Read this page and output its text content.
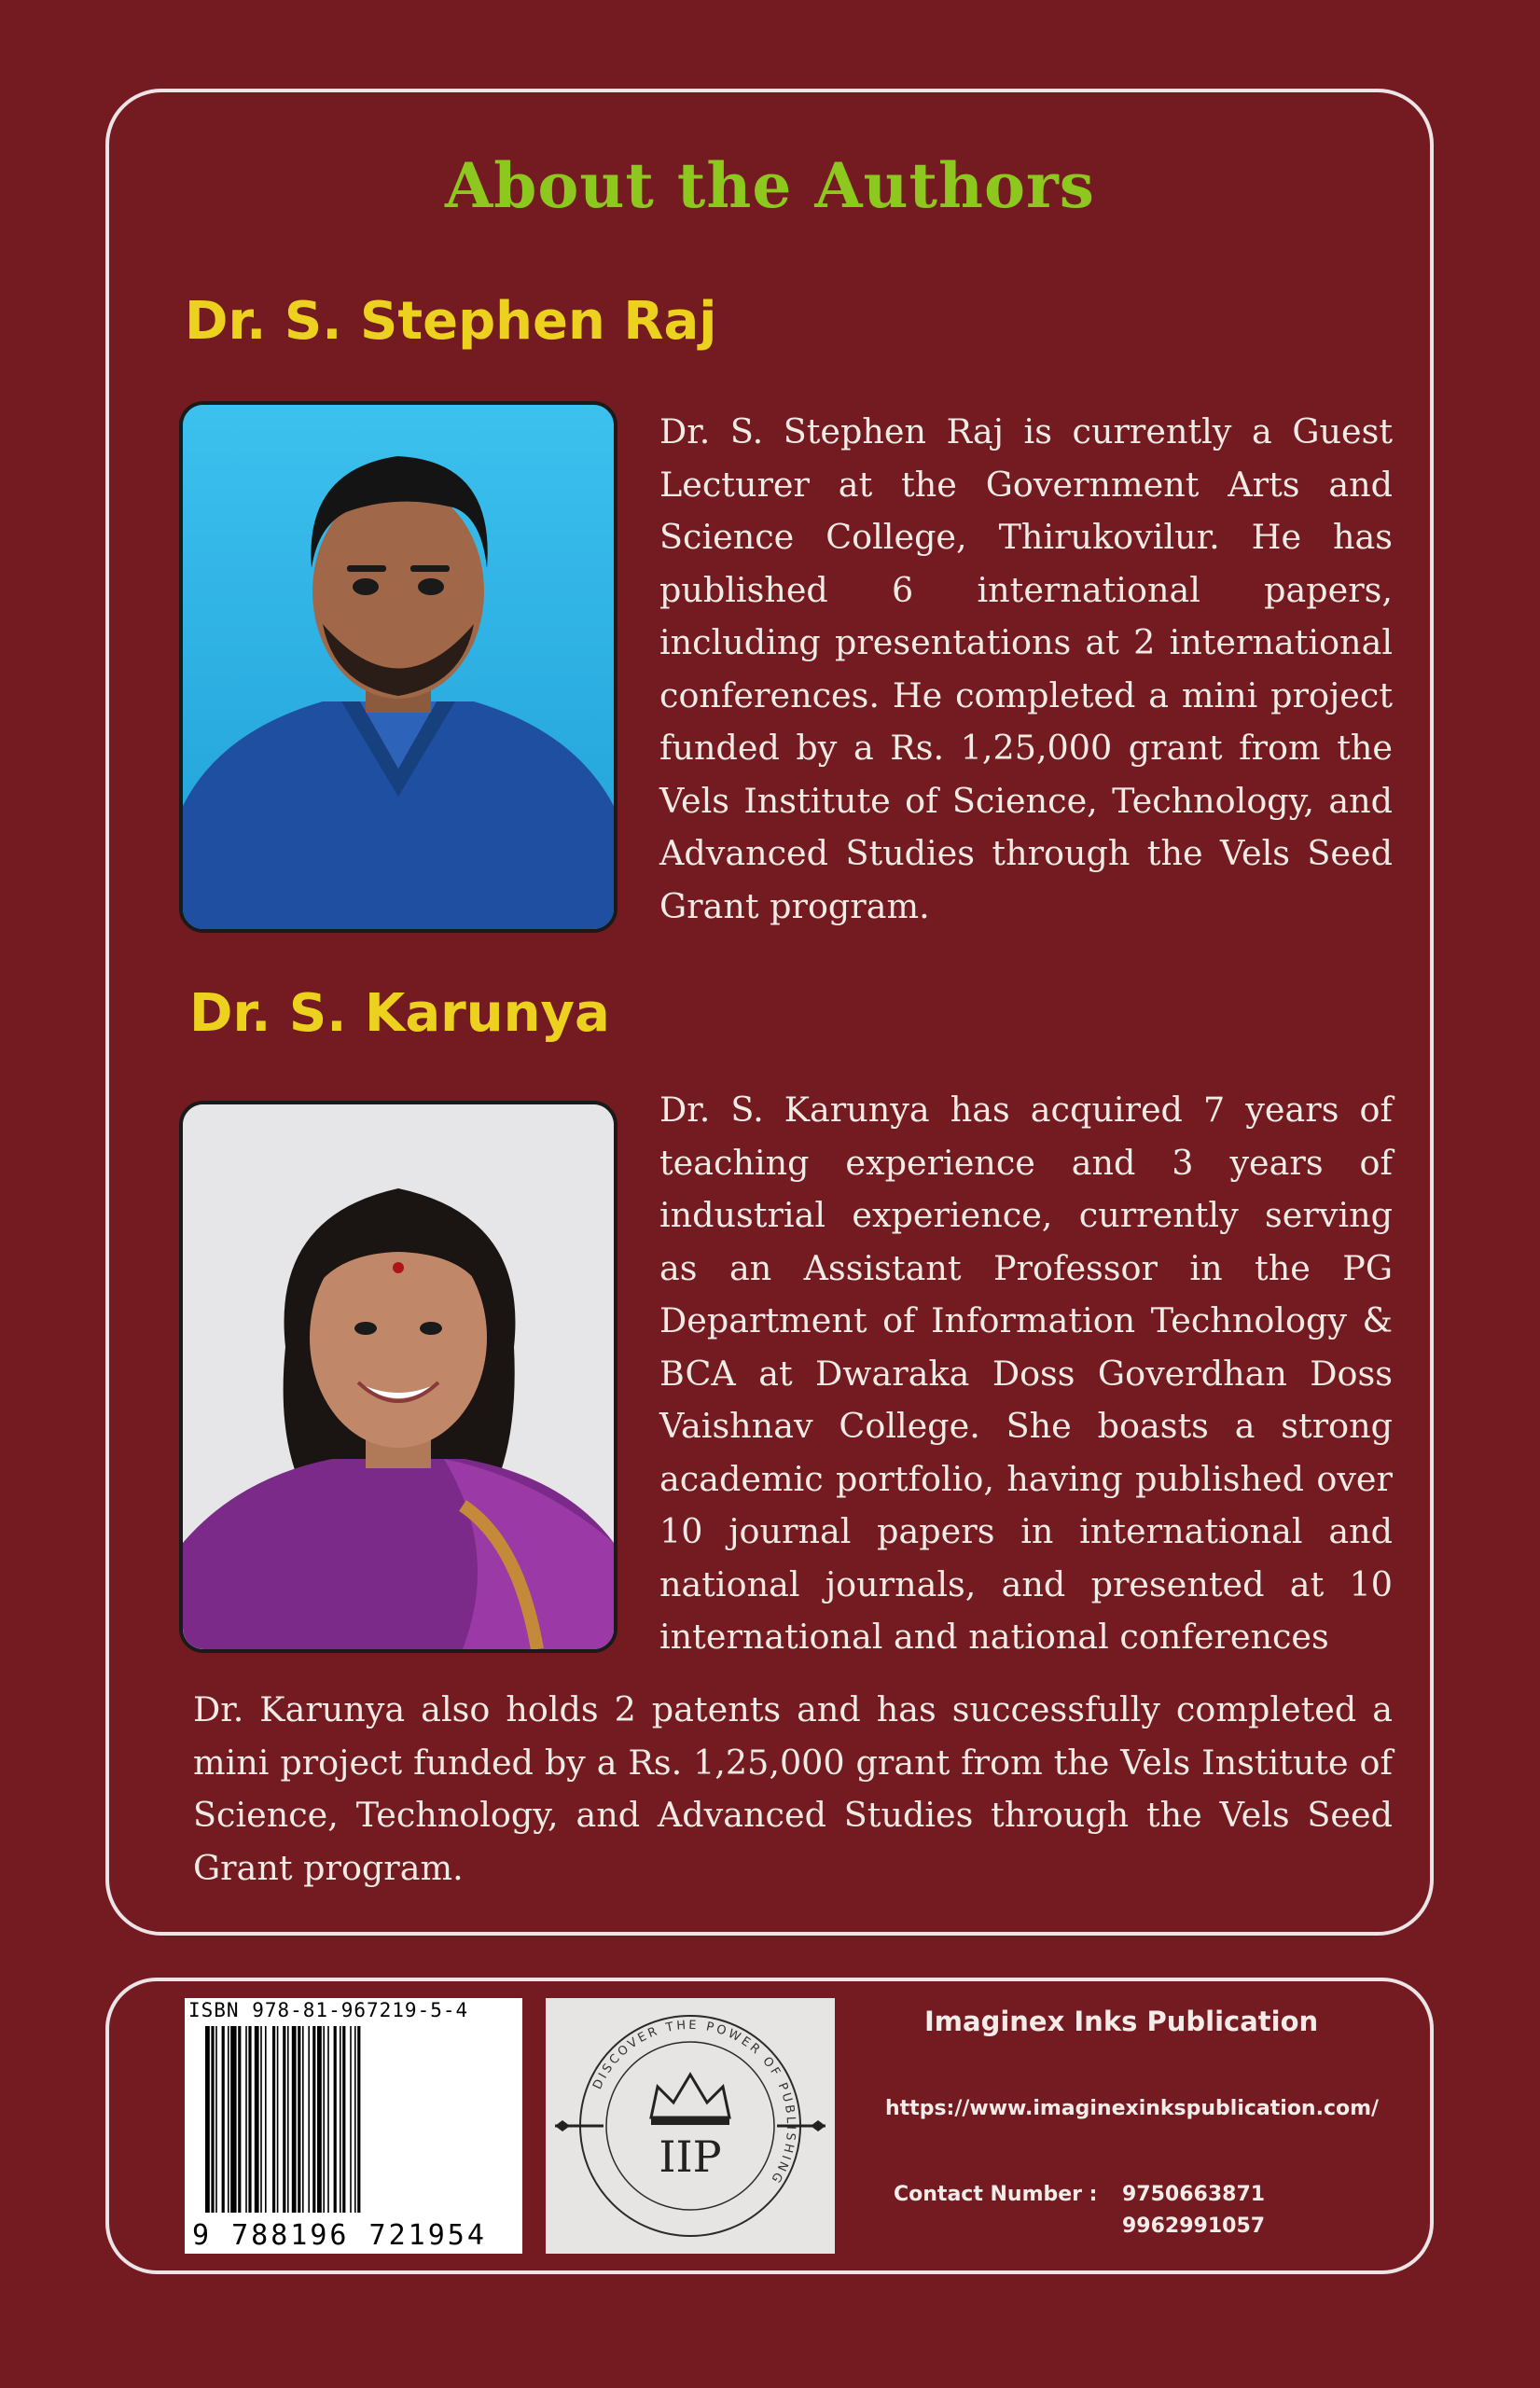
About the Authors
Dr. S. Stephen Raj
Dr. S. Stephen Raj is currently a Guest Lecturer at the Government Arts and Science College, Thirukovilur. He has published 6 international papers, including presentations at 2 international conferences. He completed a mini project funded by a Rs. 1,25,000 grant from the Vels Institute of Science, Technology, and Advanced Studies through the Vels Seed Grant program.
Dr. S. Karunya
Dr. S. Karunya has acquired 7 years of teaching experience and 3 years of industrial experience, currently serving as an Assistant Professor in the PG Department of Information Technology & BCA at Dwaraka Doss Goverdhan Doss Vaishnav College. She boasts a strong academic portfolio, having published over 10 journal papers in international and national journals, and presented at 10 international and national conferences
Dr. Karunya also holds 2 patents and has successfully completed a mini project funded by a Rs. 1,25,000 grant from the Vels Institute of Science, Technology, and Advanced Studies through the Vels Seed Grant program.
ISBN 978-81-967219-5-4
9 788196 721954
DISCOVER THE POWER OF PUBLISHING
IIP
Imaginex Inks Publication
https://www.imaginexinkspublication.com/
Contact Number : 9750663871
9962991057
